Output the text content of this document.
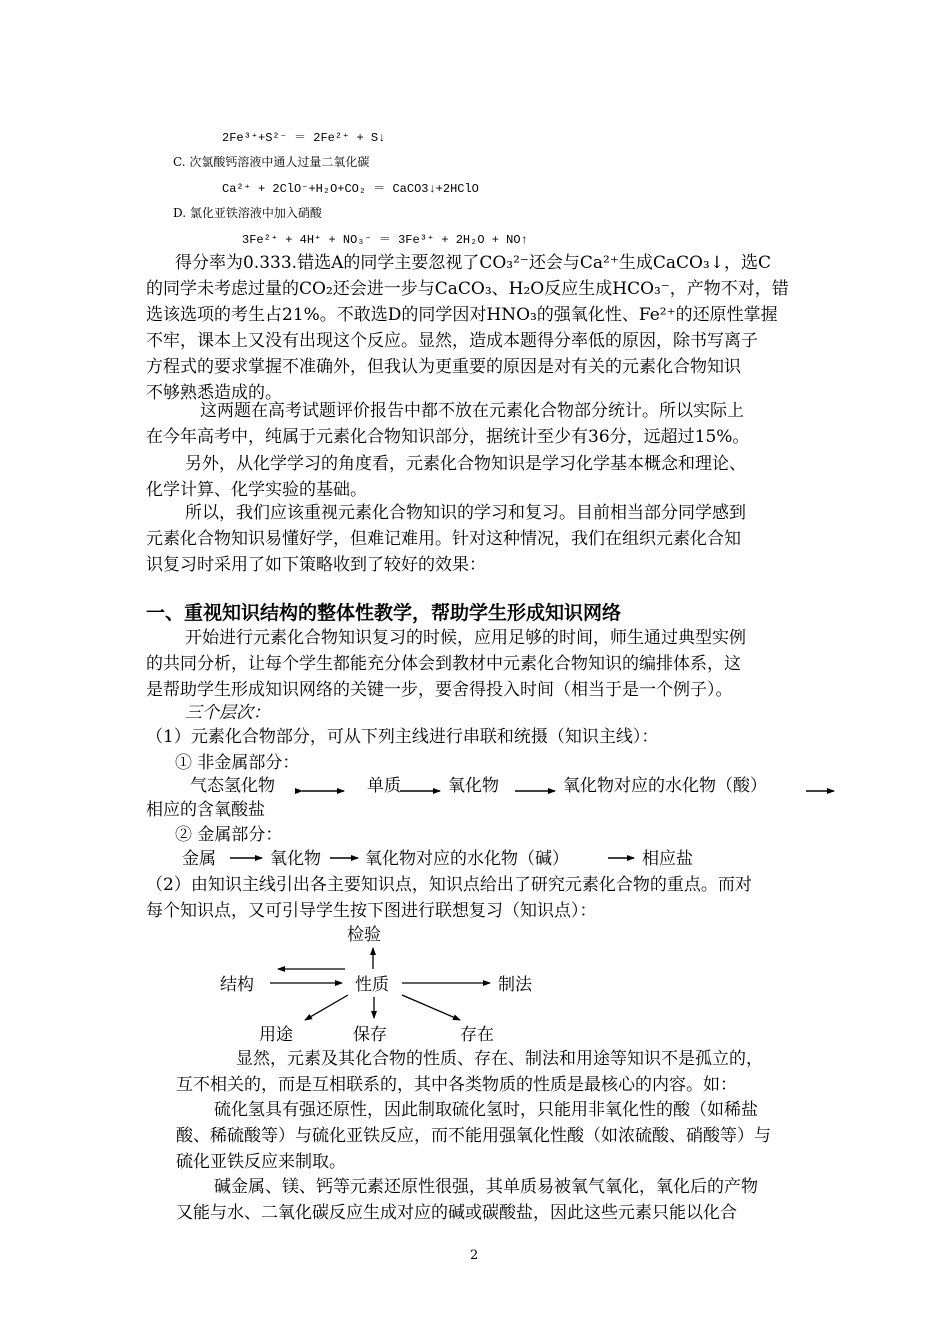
2Fe³⁺+S²⁻ ＝ 2Fe²⁺ + S↓
C. 次氯酸钙溶液中通人过量二氧化碳
Ca²⁺ + 2ClO⁻+H₂O+CO₂ ＝ CaCO3↓+2HClO
D. 氯化亚铁溶液中加入硝酸
3Fe²⁺ + 4H⁺ + NO₃⁻ ＝ 3Fe³⁺ + 2H₂O + NO↑
得分率为0.333.错选A的同学主要忽视了CO₃²⁻还会与Ca²⁺生成CaCO₃↓，选C
的同学未考虑过量的CO₂还会进一步与CaCO₃、H₂O反应生成HCO₃⁻，产物不对，错
选该选项的考生占21%。不敢选D的同学因对HNO₃的强氧化性、Fe²⁺的还原性掌握
不牢，课本上又没有出现这个反应。显然，造成本题得分率低的原因，除书写离子
方程式的要求掌握不准确外，但我认为更重要的原因是对有关的元素化合物知识
不够熟悉造成的。
这两题在高考试题评价报告中都不放在元素化合物部分统计。所以实际上
在今年高考中，纯属于元素化合物知识部分，据统计至少有36分，远超过15%。
另外，从化学学习的角度看，元素化合物知识是学习化学基本概念和理论、
化学计算、化学实验的基础。
所以，我们应该重视元素化合物知识的学习和复习。目前相当部分同学感到
元素化合物知识易懂好学，但难记难用。针对这种情况，我们在组织元素化合知
识复习时采用了如下策略收到了较好的效果：
一、重视知识结构的整体性教学，帮助学生形成知识网络
开始进行元素化合物知识复习的时候，应用足够的时间，师生通过典型实例
的共同分析，让每个学生都能充分体会到教材中元素化合物知识的编排体系，这
是帮助学生形成知识网络的关键一步，要舍得投入时间（相当于是一个例子）。
三个层次：
（1）元素化合物部分，可从下列主线进行串联和统摄（知识主线）：
① 非金属部分：
气态氢化物	单质	氧化物	氧化物对应的水化物（酸）
相应的含氧酸盐
② 金属部分：
金属	氧化物	氧化物对应的水化物（碱）	相应盐
（2）由知识主线引出各主要知识点，知识点给出了研究元素化合物的重点。而对
每个知识点，又可引导学生按下图进行联想复习（知识点）：
检验
结构	性质	制法
用途	保存	存在
显然，元素及其化合物的性质、存在、制法和用途等知识不是孤立的，
互不相关的，而是互相联系的，其中各类物质的性质是最核心的内容。如：
硫化氢具有强还原性，因此制取硫化氢时，只能用非氧化性的酸（如稀盐
酸、稀硫酸等）与硫化亚铁反应，而不能用强氧化性酸（如浓硫酸、硝酸等）与
硫化亚铁反应来制取。
碱金属、镁、钙等元素还原性很强，其单质易被氧气氧化，氧化后的产物
又能与水、二氧化碳反应生成对应的碱或碳酸盐，因此这些元素只能以化合
2
